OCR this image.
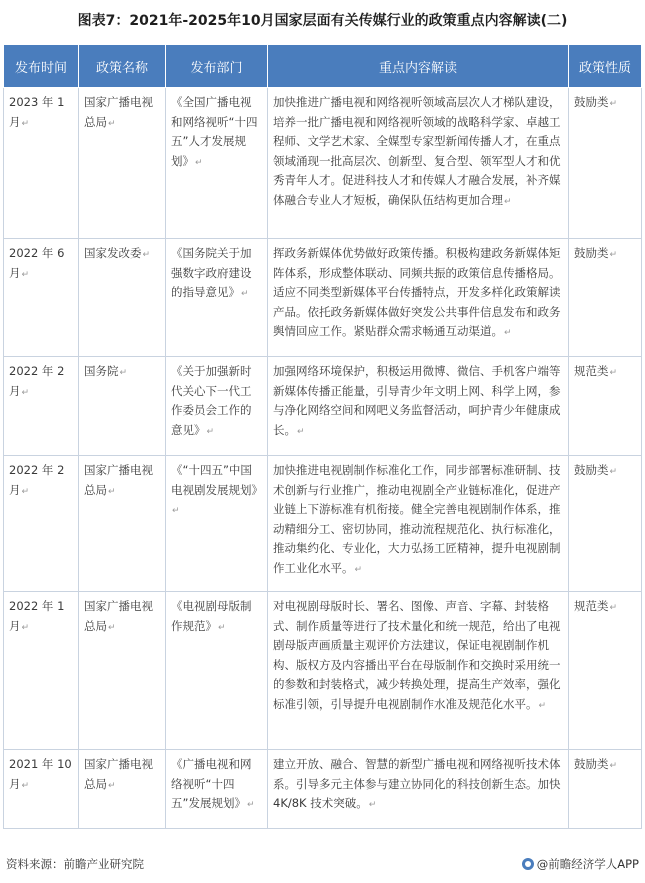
图表7：2021年-2025年10月国家层面有关传媒行业的政策重点内容解读(二)
发布时间	政策名称	发布部门	重点内容解读	政策性质
2023 年 1月↵	国家广播电视总局↵	《全国广播电视和网络视听“十四五”人才发展规划》↵	加快推进广播电视和网络视听领域高层次人才梯队建设，培养一批广播电视和网络视听领域的战略科学家、卓越工程师、文学艺术家、全媒型专家型新闻传播人才，在重点领域涌现一批高层次、创新型、复合型、领军型人才和优秀青年人才。促进科技人才和传媒人才融合发展，补齐媒体融合专业人才短板，确保队伍结构更加合理↵	鼓励类↵
2022 年 6月↵	国家发改委↵	《国务院关于加强数字政府建设的指导意见》↵	挥政务新媒体优势做好政策传播。积极构建政务新媒体矩阵体系，形成整体联动、同频共振的政策信息传播格局。适应不同类型新媒体平台传播特点，开发多样化政策解读产品。依托政务新媒体做好突发公共事件信息发布和政务舆情回应工作。紧贴群众需求畅通互动渠道。↵	鼓励类↵
2022 年 2月↵	国务院↵	《关于加强新时代关心下一代工作委员会工作的意见》↵	加强网络环境保护，积极运用微博、微信、手机客户端等新媒体传播正能量，引导青少年文明上网、科学上网，参与净化网络空间和网吧义务监督活动，呵护青少年健康成长。↵	规范类↵
2022 年 2月↵	国家广播电视总局↵	《“十四五”中国电视剧发展规划》↵	加快推进电视剧制作标准化工作，同步部署标准研制、技术创新与行业推广，推动电视剧全产业链标准化，促进产业链上下游标准有机衔接。健全完善电视剧制作体系，推动精细分工、密切协同，推动流程规范化、执行标准化，推动集约化、专业化，大力弘扬工匠精神，提升电视剧制作工业化水平。↵	鼓励类↵
2022 年 1月↵	国家广播电视总局↵	《电视剧母版制作规范》↵	对电视剧母版时长、署名、图像、声音、字幕、封装格式、制作质量等进行了技术量化和统一规范，给出了电视剧母版声画质量主观评价方法建议，保证电视剧制作机构、版权方及内容播出平台在母版制作和交换时采用统一的参数和封装格式，减少转换处理，提高生产效率，强化标准引领，引导提升电视剧制作水准及规范化水平。↵	规范类↵
2021 年 10月↵	国家广播电视总局↵	《广播电视和网络视听“十四五”发展规划》↵	建立开放、融合、智慧的新型广播电视和网络视听技术体系。引导多元主体参与建立协同化的科技创新生态。加快 4K/8K 技术突破。↵	鼓励类↵
资料来源：前瞻产业研究院	@前瞻经济学人APP
